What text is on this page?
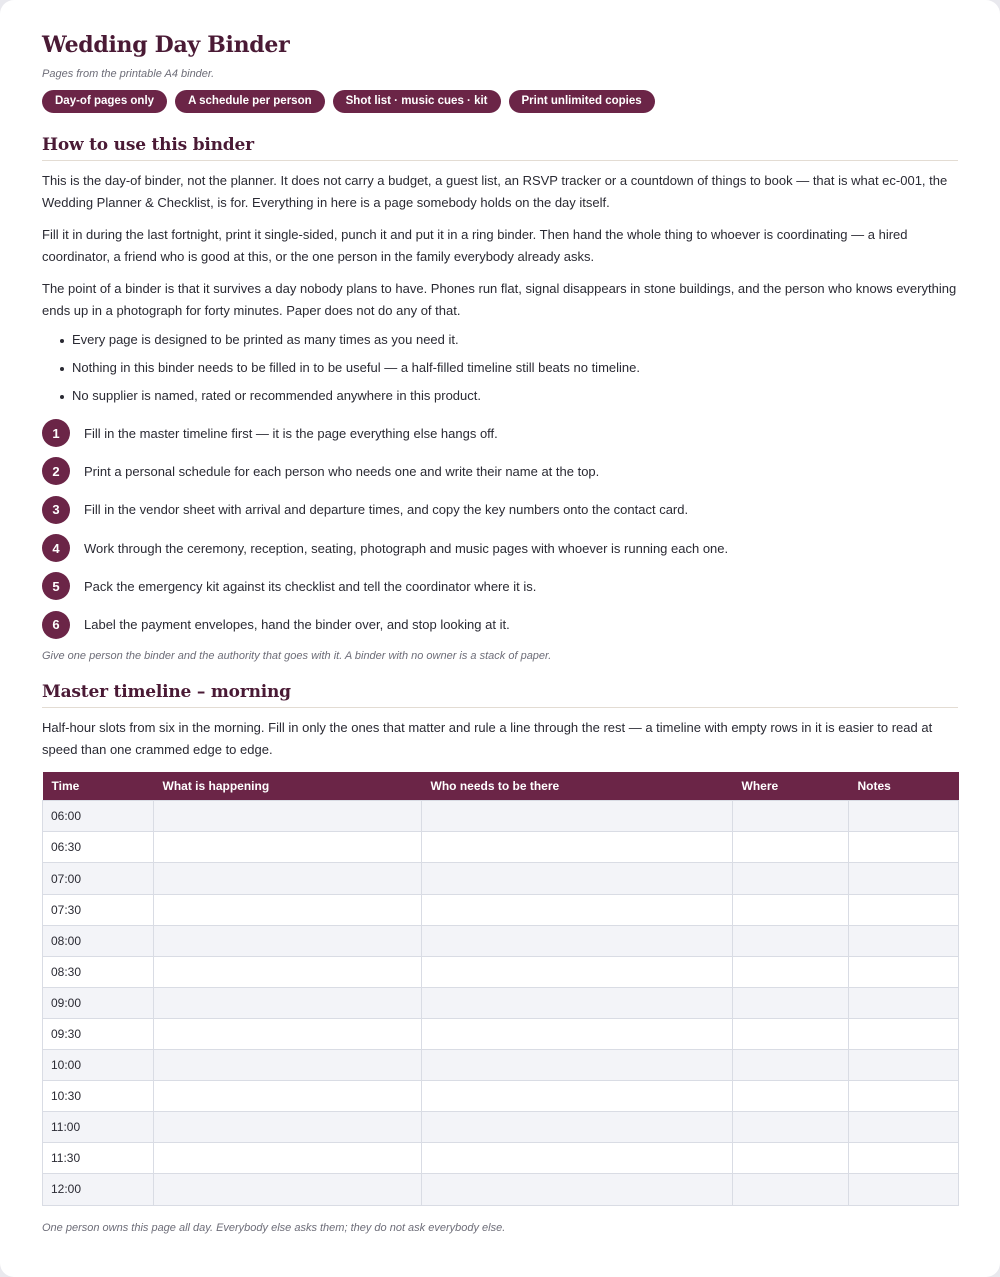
Wedding Day Binder
Pages from the printable A4 binder.
Day-of pages only	A schedule per person	Shot list · music cues · kit	Print unlimited copies
How to use this binder

This is the day-of binder, not the planner. It does not carry a budget, a guest list, an RSVP tracker or a countdown of things to book — that is what ec-001, the Wedding Planner & Checklist, is for. Everything in here is a page somebody holds on the day itself.

Fill it in during the last fortnight, print it single-sided, punch it and put it in a ring binder. Then hand the whole thing to whoever is coordinating — a hired coordinator, a friend who is good at this, or the one person in the family everybody already asks.

The point of a binder is that it survives a day nobody plans to have. Phones run flat, signal disappears in stone buildings, and the person who knows everything ends up in a photograph for forty minutes. Paper does not do any of that.

Every page is designed to be printed as many times as you need it.
Nothing in this binder needs to be filled in to be useful — a half-filled timeline still beats no timeline.
No supplier is named, rated or recommended anywhere in this product.
1	Fill in the master timeline first — it is the page everything else hangs off.
2	Print a personal schedule for each person who needs one and write their name at the top.
3	Fill in the vendor sheet with arrival and departure times, and copy the key numbers onto the contact card.
4	Work through the ceremony, reception, seating, photograph and music pages with whoever is running each one.
5	Pack the emergency kit against its checklist and tell the coordinator where it is.
6	Label the payment envelopes, hand the binder over, and stop looking at it.
Give one person the binder and the authority that goes with it. A binder with no owner is a stack of paper.
Master timeline – morning

Half-hour slots from six in the morning. Fill in only the ones that matter and rule a line through the rest — a timeline with empty rows in it is easier to read at speed than one crammed edge to edge.

Time	What is happening	Who needs to be there	Where	Notes
06:00				
06:30				
07:00				
07:30				
08:00				
08:30				
09:00				
09:30				
10:00				
10:30				
11:00				
11:30				
12:00				
One person owns this page all day. Everybody else asks them; they do not ask everybody else.
